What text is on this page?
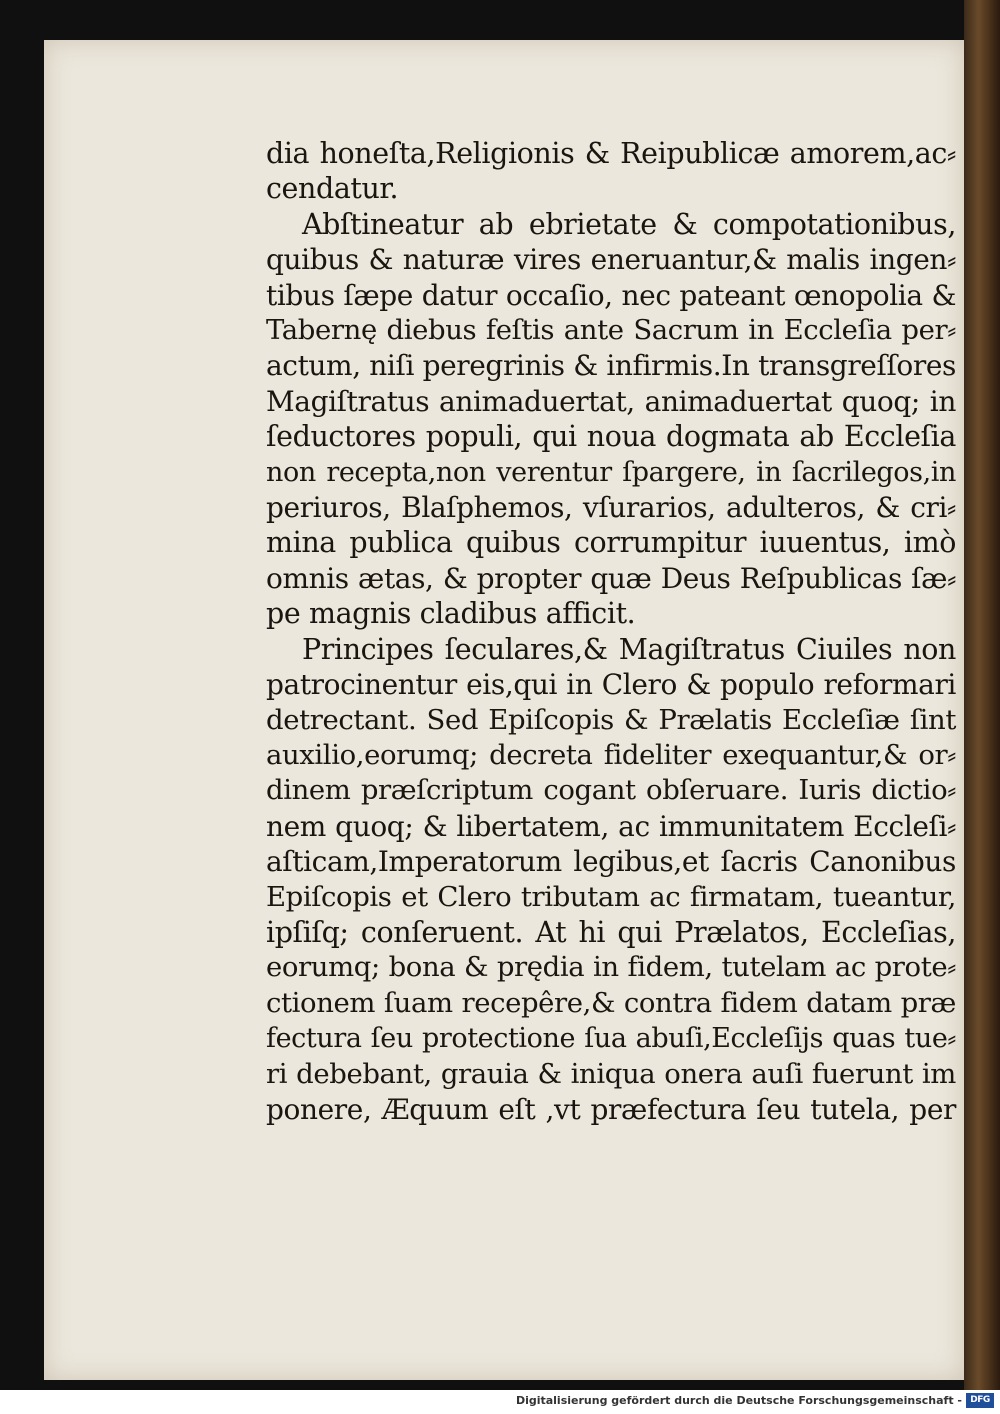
dia honeſta,Religionis & Reipublicæ amorem,ac⸗
cendatur.
Abſtineatur ab ebrietate & compotationibus,
quibus & naturæ vires eneruantur,& malis ingen⸗
tibus ſæpe datur occaſio, nec pateant œnopolia &
Tabernę diebus feſtis ante Sacrum in Eccleſia per⸗
actum, niſi peregrinis & infirmis.In transgreſſores
Magiſtratus animaduertat, animaduertat quoq; in
ſeductores populi, qui noua dogmata ab Eccleſia
non recepta,non verentur ſpargere, in ſacrilegos,in
periuros, Blaſphemos, vſurarios, adulteros, & cri⸗
mina publica quibus corrumpitur iuuentus, imò
omnis ætas, & propter quæ Deus Reſpublicas ſæ⸗
pe magnis cladibus afficit.
Principes ſeculares,& Magiſtratus Ciuiles non
patrocinentur eis,qui in Clero & populo reformari
detrectant. Sed Epiſcopis & Prælatis Eccleſiæ ſint
auxilio,eorumq; decreta fideliter exequantur,& or⸗
dinem præſcriptum cogant obſeruare. Iuris dictio⸗
nem quoq; & libertatem, ac immunitatem Eccleſi⸗
aſticam,Imperatorum legibus,et ſacris Canonibus
Epiſcopis et Clero tributam ac firmatam, tueantur,
ipſiſq; conſeruent. At hi qui Prælatos, Eccleſias,
eorumq; bona & prędia in fidem, tutelam ac prote⸗
ctionem ſuam recepêre,& contra fidem datam præ
fectura ſeu protectione ſua abuſi,Eccleſijs quas tue⸗
ri debebant, grauia & iniqua onera auſi fuerunt im
ponere, Æquum eſt ,vt præfectura ſeu tutela, per
Digitalisierung gefördert durch die Deutsche Forschungsgemeinschaft - DFG
